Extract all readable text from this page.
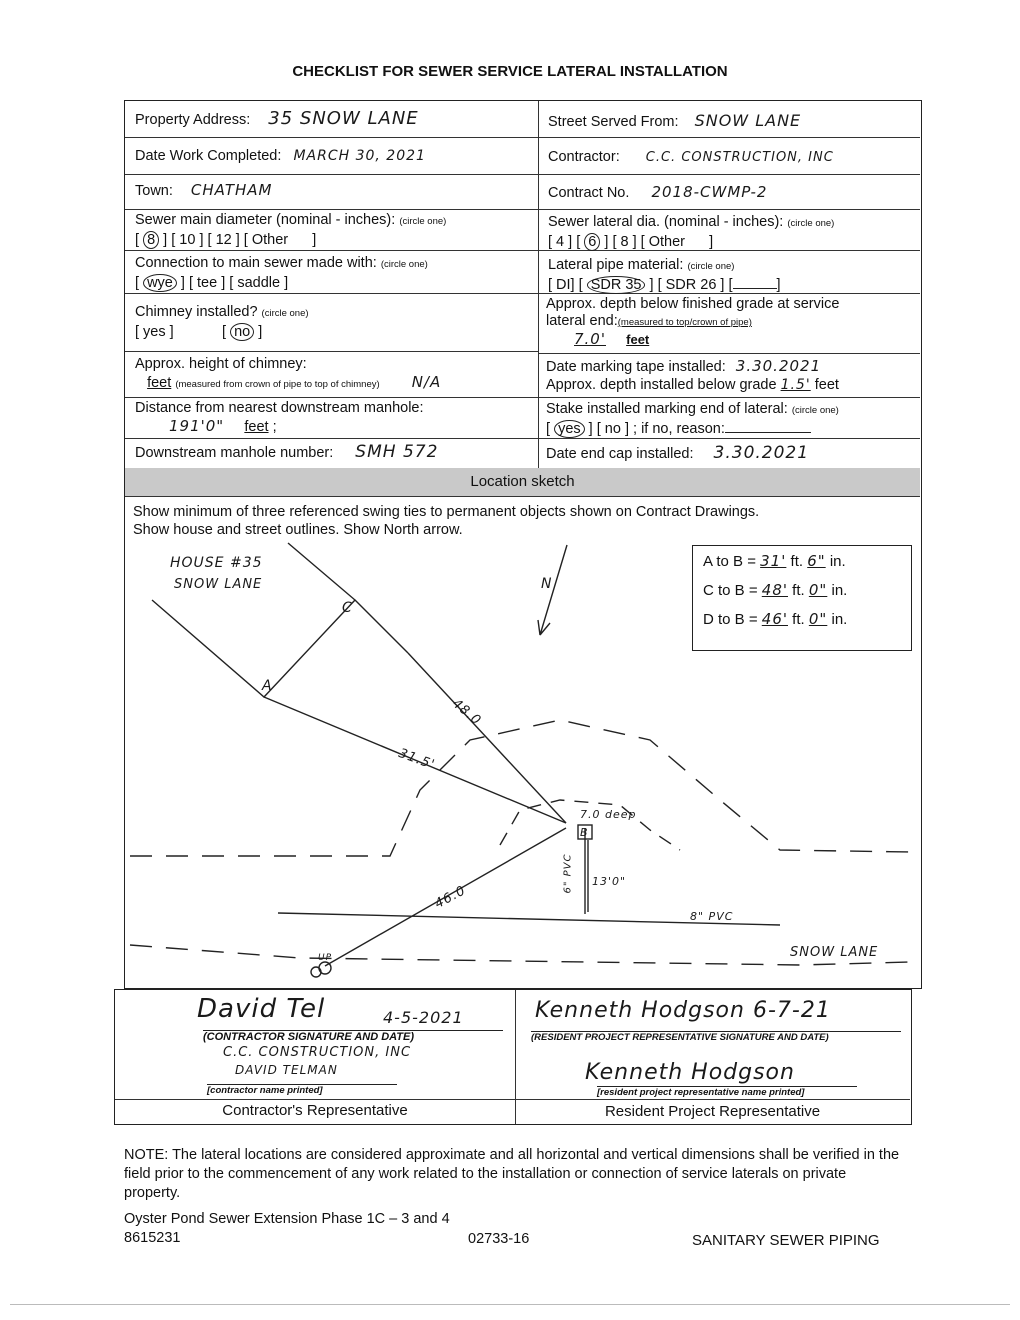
CHECKLIST FOR SEWER SERVICE LATERAL INSTALLATION
Property Address: 35 SNOW LANE	Street Served From: SNOW LANE
Date Work Completed: MARCH 30, 2021	Contractor: C.C. CONSTRUCTION, INC
Town: CHATHAM	Contract No. 2018-CWMP-2
Sewer main diameter (nominal - inches): (circle one)
[ 8 ] [ 10 ] [ 12 ] [ Other ]
Sewer lateral dia. (nominal - inches): (circle one)
[ 4 ] [ 6 ] [ 8 ] [ Other ]
Connection to main sewer made with: (circle one)
[ wye ] [ tee ] [ saddle ]
Lateral pipe material: (circle one)
[ DI] [ SDR 35 ] [ SDR 26 ] [	]
Chimney installed? (circle one)
[ yes ]            [ no ]
Approx. depth below finished grade at service
lateral end:(measured to top/crown of pipe)
7.0' feet
Approx. height of chimney:
feet (measured from crown of pipe to top of chimney) N/A
Date marking tape installed: 3.30.2021
Approx. depth installed below grade 1.5' feet
Distance from nearest downstream manhole:
191'0" feet ;
Stake installed marking end of lateral: (circle one)
[ yes ] [ no ] ; if no, reason:
Downstream manhole number: SMH 572	Date end cap installed: 3.30.2021
Location sketch
Show minimum of three referenced swing ties to permanent objects shown on Contract Drawings.
Show house and street outlines. Show North arrow.
HOUSE #35
SNOW LANE
A
C
B
N
48.0
31.5'
46.0
7.0 deep
6" PVC 13'0"
8" PVC
SNOW LANE
UP
A to B = 31' ft. 6" in.
C to B = 48' ft. 0" in.
D to B = 46' ft. 0" in.
David Tel	4-5-2021
(CONTRACTOR SIGNATURE AND DATE)
C.C. CONSTRUCTION, INC
DAVID TELMAN
[contractor name printed]
Contractor's Representative
Kenneth Hodgson 6-7-21
(RESIDENT PROJECT REPRESENTATIVE SIGNATURE AND DATE)
Kenneth Hodgson
[resident project representative name printed]
Resident Project Representative
NOTE: The lateral locations are considered approximate and all horizontal and vertical dimensions shall be verified in the field prior to the commencement of any work related to the installation or connection of service laterals on private property.
Oyster Pond Sewer Extension Phase 1C – 3 and 4
8615231	02733-16	SANITARY SEWER PIPING
